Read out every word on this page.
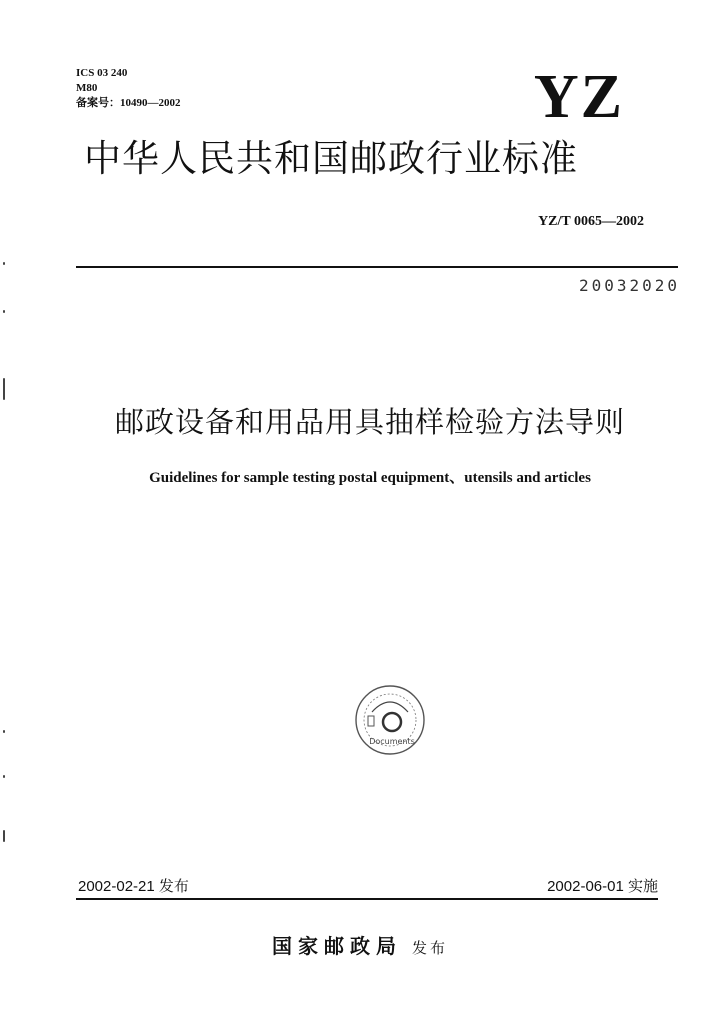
ICS 03 240
M80
备案号：10490—2002	YZ
中华人民共和国邮政行业标准
YZ/T 0065—2002
20032020
邮政设备和用品用具抽样检验方法导则
Guidelines for sample testing postal equipment、utensils and articles
Documents
2002-02-21 发布	2002-06-01 实施
国家邮政局 发布
